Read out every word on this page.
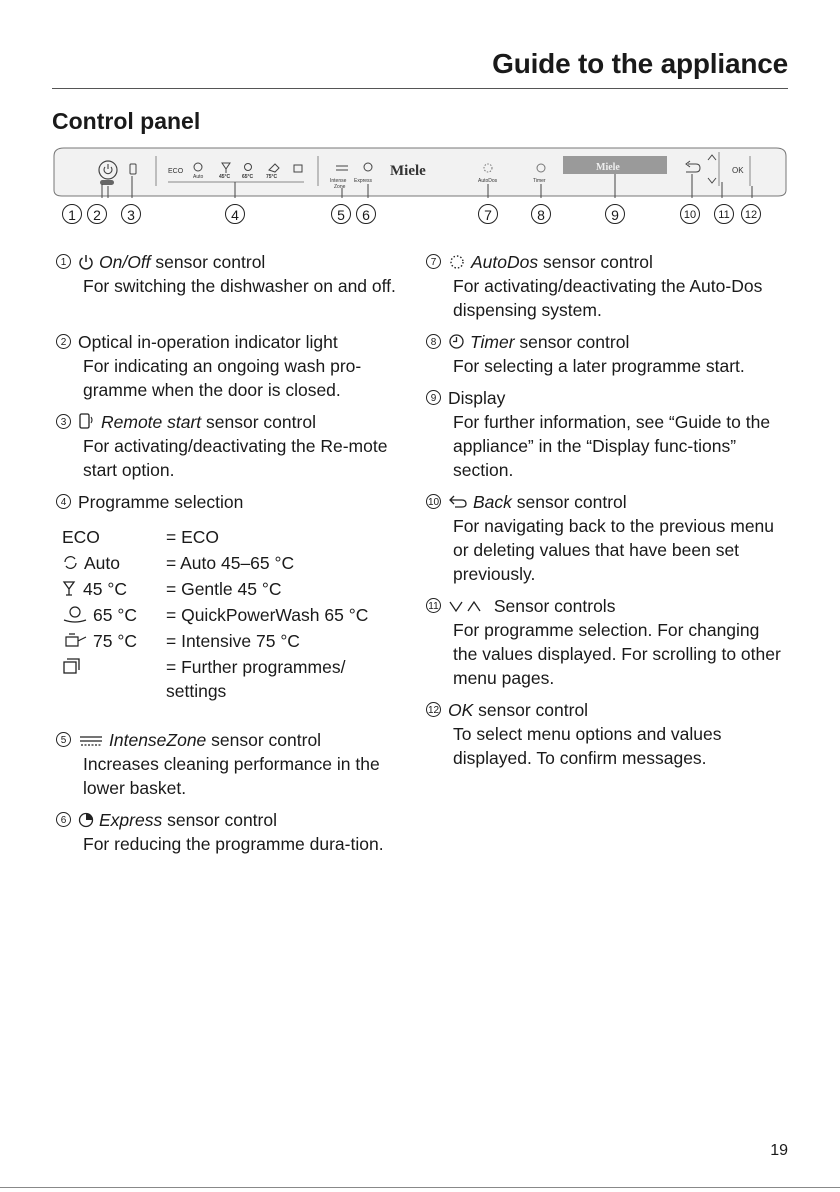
Guide to the appliance
Control panel
ECO
Auto	45°C 65°C	75°C
Intense
Zone
Express
Miele
AutoDos	Timer
Miele	OK
1	2	3	4	5	6	7	8	9	10	11	12
1	On/Off sensor control
For switching the dishwasher on and off.
2 Optical in-operation indicator light
For indicating an ongoing wash pro-gramme when the door is closed.
3	Remote start sensor control
For activating/deactivating the Re-mote start option.
4 Programme selection
ECO	= ECO
Auto	= Auto 45–65 °C
45 °C	= Gentle 45 °C
65 °C	= QuickPowerWash 65 °C
75 °C	= Intensive 75 °C
	= Further programmes/ settings
5	IntenseZone sensor control
Increases cleaning performance in the lower basket.
6	Express sensor control
For reducing the programme dura-tion.
7	AutoDos sensor control
For activating/deactivating the Auto-Dos dispensing system.
8	Timer sensor control
For selecting a later programme start.
9 Display
For further information, see “Guide to the appliance” in the “Display func-tions” section.
10	Back sensor control
For navigating back to the previous menu or deleting values that have been set previously.
11	Sensor controls
For programme selection. For changing the values displayed. For scrolling to other menu pages.
12 OK sensor control
To select menu options and values displayed. To confirm messages.
19
